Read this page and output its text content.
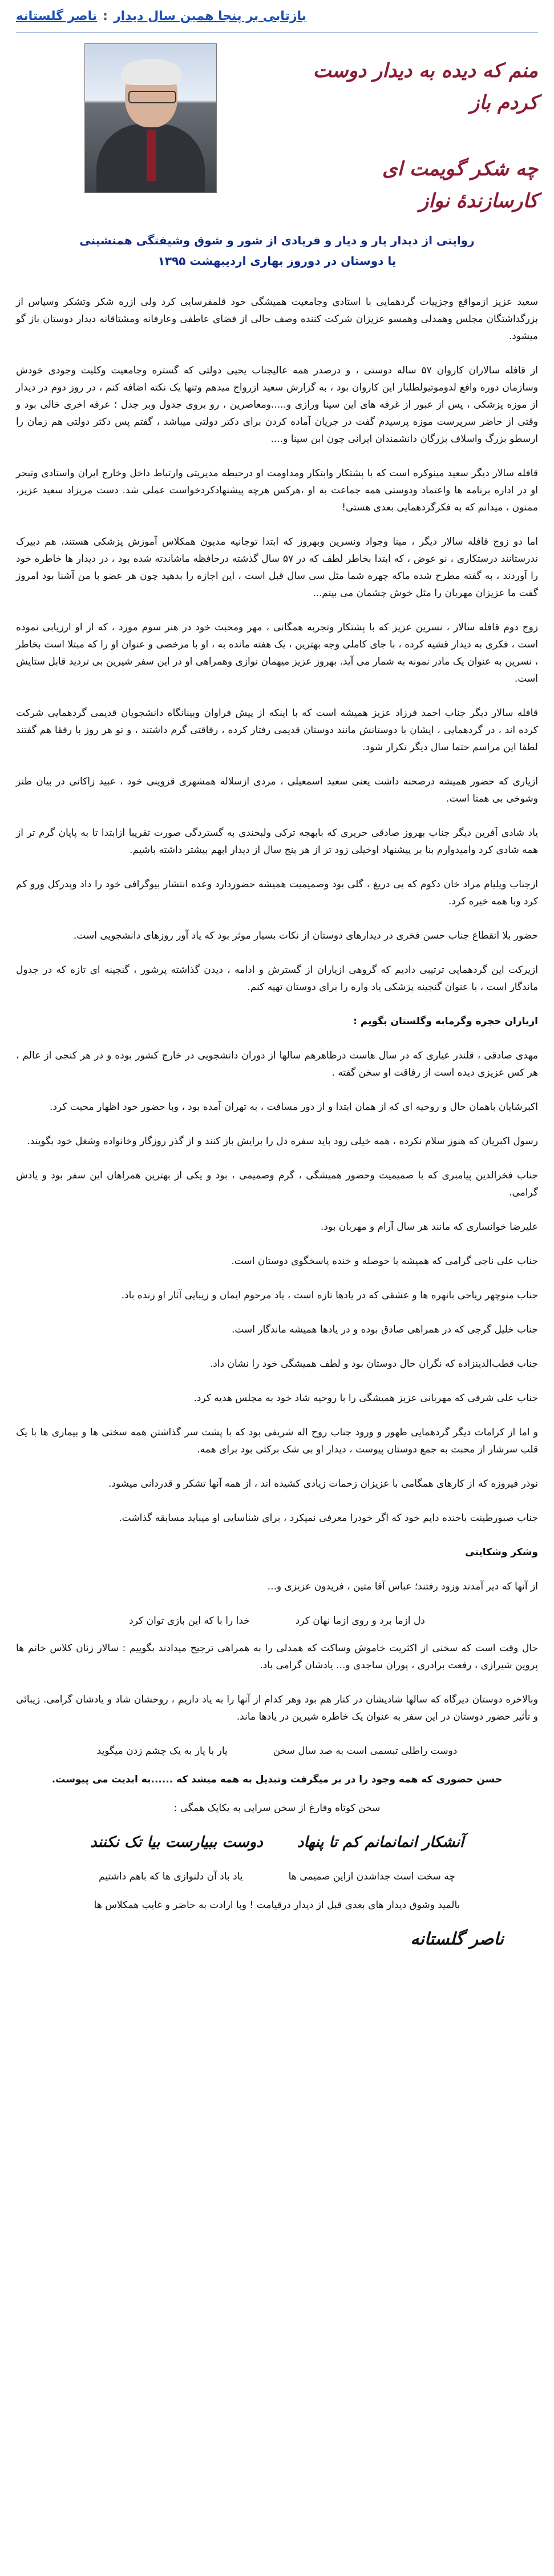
بازتابی بر پنجا همین سال دیدار
:
ناصر گلستانه
منم که دیده به دیدار دوست کردم باز
چه شکر گویمت ای کارسازندهٔ نواز
روایتی از دیدار یار و دیار و فریادی از شور و شوق وشیفتگی همنشینی
یا دوستان در دوروز بهاری اردیبهشت ۱۳۹۵

سعید عزیز ازمواقع وجزییات گردهمایی با استادی وجامعیت همیشگی خود قلمفرسایی کرد ولی ازره شکر وتشکر وسپاس از بزرگداشتگان مجلس وهمدلی وهمسو عزیزان شرکت کننده وصف حالی از فضای عاطفی وعارفانه ومشتاقانه دیدار دوستان باز گو میشود.

از قافله سالاران کاروان ۵۷ ساله دوستی ، و درصدر همه عالیجناب یحیی دولتی که گستره وجامعیت وکلیت وجودی خودش وسازمان دوره وافع لدوموتیولطلبار این کاروان بود ، به گزارش سعید ازرواج میدهم وتنها یک نکته اضافه کنم ، در روز دوم در دیدار از موزه پزشکی ، پس از عبور از غرفه های این سینا ورازی و.....ومعاصرین ، رو بروی جدول وبر جدل ؛ عرفه اخری خالی بود و وقتی از حاضر سرپرست موزه پرسیدم گفت در جریان آماده کردن برای دکتر دولتی میباشد ، گفتم پس دکتر دولتی هم زمان را ارسطو بزرگ واسلاف بزرگان دانشمندان ایرانی چون ابن سینا و....

قافله سالار دیگر سعید مینوکره است که با پشتکار وابتکار ومداومت او درحیطه مدیریتی وارتباط داخل وخارج ایران واستادی وتبحر او در اداره برنامه ها واعتماد ودوستی همه جماعت به او ،هرکس هرچه پیشنهادکردخواست عملی شد. دست مریزاد سعید عزیز، ممنون ، میدانم که به فکرگردهمایی بعدی هستی!

اما دو زوج قافله سالار دیگر ، مینا وجواد ونسرین وبهروز که ابتدا توجانیه مدیون همکلاس آموزش پزشکی هستند، هم دبیرک ندرستانند درستکاری ، نو عوض ، که ابتدا بخاطر لطف که در ۵۷ سال گذشته درحافظه ماشاندته شده بود ، در دیدار ها خاطره خود را آوردند ، به گفته مطرح شده ماکه چهره شما مثل سی سال قبل است ، این اجازه را بدهید چون هر عضو با من آشنا بود امروز گفت ما عزیزان مهربان را مثل خوش چشمان می بینم...

زوج دوم قافله سالار ، نسرین عزیز که با پشتکار وتجربه همگانی ، مهر ومحبت خود در هنر سوم مورد ، که از او ارزیابی نموده است ، فکری به دیدار قشیه کرده ، با جای کاملی وجه بهترین ، یک هفته مانده به ، او با مرخصی و عنوان او را که مبتلا است بخاطر ، نسرین به عنوان یک مادر نمونه به شمار می آید. بهروز عزیز میهمان نوازی وهمراهی او در این سفر شیرین بی تردید قابل ستایش است.

قافله سالار دیگر جناب احمد فرزاد عزیز همیشه است که با اینکه از پیش فراوان وبینانگاه دانشجویان قدیمی گردهمایی شرکت کرده اند ، در گردهمایی ، ایشان با دوستانش مانند دوستان قدیمی رفتار کرده ، رفاقتی گرم داشتند ، و تو هر روز با رفقا هم گفتند لطفا این مراسم حتما سال دیگر تکرار شود.

ازیاری که حضور همیشه درصحنه داشت یعنی سعید اسمعیلی ، مردی ازسلاله همشهری قزوینی خود ، عبید زاکانی در بیان طنز وشوخی بی همتا است.

یاد شادی آفرین دیگر جناب بهروز صادقی حریری که بابهجه ترکی ولبخندی به گستردگی صورت تقریبا ازابتدا تا به پایان گرم تر از همه شادی کرد وامیدوارم بنا بر پیشنهاد اوخیلی زود تر از هر پنج سال از دیدار ابهم بیشتر داشته باشیم.

ازجناب ویلیام مراد خان دکوم که بی دریغ ، گلی بود وصمیمیت همیشه حضوردارد وعده انتشار بیوگرافی خود را داد وپدرکل ورو کم کرد وبا همه خیره کرد.

حضور بلا انقطاع جناب حسن فخری در دیدارهای دوستان از نکات بسیار موثر بود که یاد آور روزهای دانشجویی است.

ازیرکت این گردهمایی ترتیبی دادیم که گروهی ازیاران از گسترش و ادامه ، دیدن گذاشته پرشور ، گنجینه ای تازه که در جدول ماندگار است ، با عنوان گنجینه پزشکی یاد واره را برای دوستان تهیه کنم.

ازیاران حجره وگرمابه وگلستان بگویم :

مهدی صادقی ، قلندر عیاری که در سال هاست درظاهرهم سالها از دوران دانشجویی در خارج کشور بوده و در هر کنجی از عالم ، هر کس عزیزی دیده است از رفاقت او سخن گفته .

اکبرشایان باهمان حال و روحیه ای که از همان ابتدا و از دور مسافت ، به تهران آمده بود ، وبا حضور خود اظهار محبت کرد.

رسول اکبریان که هنوز سلام نکرده ، همه خیلی زود باید سفره دل را برایش باز کنند و از گذر روزگار وخانواده وشغل خود بگویند.

جناب فخرالدین پیامبری که با صمیمیت وحضور همیشگی ، گرم وصمیمی ، بود و یکی از بهترین همراهان این سفر بود و یادش گرامی.

علیرضا خوانساری که مانند هر سال آرام و مهربان بود.

جناب علی ناجی گرامی که همیشه با حوصله و خنده پاسخگوی دوستان است.

جناب منوچهر ریاحی بانهره ها و عشقی که در یادها تازه است ، یاد مرحوم ایمان و زیبایی آثار او زنده باد.

جناب خلیل گرجی که در همراهی صادق بوده و در یادها همیشه ماندگار است.

جناب قطب‌الدینزاده که نگران حال دوستان بود و لطف همیشگی خود را نشان داد.

جناب علی شرفی که مهربانی عزیز همیشگی را با روحیه شاد خود به مجلس هدیه کرد.

و اما از کرامات دیگر گردهمایی ظهور و ورود جناب روح اله شریفی بود که با پشت سر گذاشتن همه سختی ها و بیماری ها با یک قلب سرشار از محبت به جمع دوستان پیوست ، دیدار او بی شک برکتی بود برای همه.

نوذر فیروزه که از کارهای همگامی با عزیزان زحمات زیادی کشیده اند ، از همه آنها تشکر و قدردانی میشود.

جناب صبورطینت باخنده دایم خود که اگر خودرا معرفی نمیکرد ، برای شناسایی او میباید مسابقه گذاشت.

وشکر وشکایتی

از آنها که دیر آمدند وزود رفتند؛ عباس آقا متین ، فریدون عزیزی و...

دل ازما برد و روی ازما نهان کرد
خدا را با که این بازی توان کرد

حال وقت است که سخنی از اکثریت خاموش وساکت که همدلی را به همراهی ترجیح میدادند بگوییم : سالار زنان کلاس خانم ها پروین شیرازی ، رفعت برادری ، پوران ساجدی و... یادشان گرامی باد.

وبالاخره دوستان دیرگاه که سالها شادیشان در کنار هم بود وهر کدام از آنها را به یاد داریم ، روحشان شاد و یادشان گرامی. زیبائی و تأثیر حضور دوستان در این سفر به عنوان یک خاطره شیرین در یادها ماند.

دوست راطلی تبسمی است به صد سال سخن
یار با یار به یک چشم زدن میگوید
حسن حضوری که همه وجود را در بر میگرفت وتبدیل به همه میشد که ......به ابدیت می پیوست.
سخن کوتاه وفارغ از سخن سرایی به یکایک همگی :
آنشکار انمانمانم کم تا پنهاد
دوست ببیارست بیا تک نکنند
چه سخت است جداشدن ازاین صمیمی ها
یاد باد آن دلنوازی ها که باهم داشتیم
بالمید وشوق دیدار های بعدی قبل از دیدار درقیامت ! وبا ارادت به حاضر و غایب همکلاس ها
ناصر گلستانه
